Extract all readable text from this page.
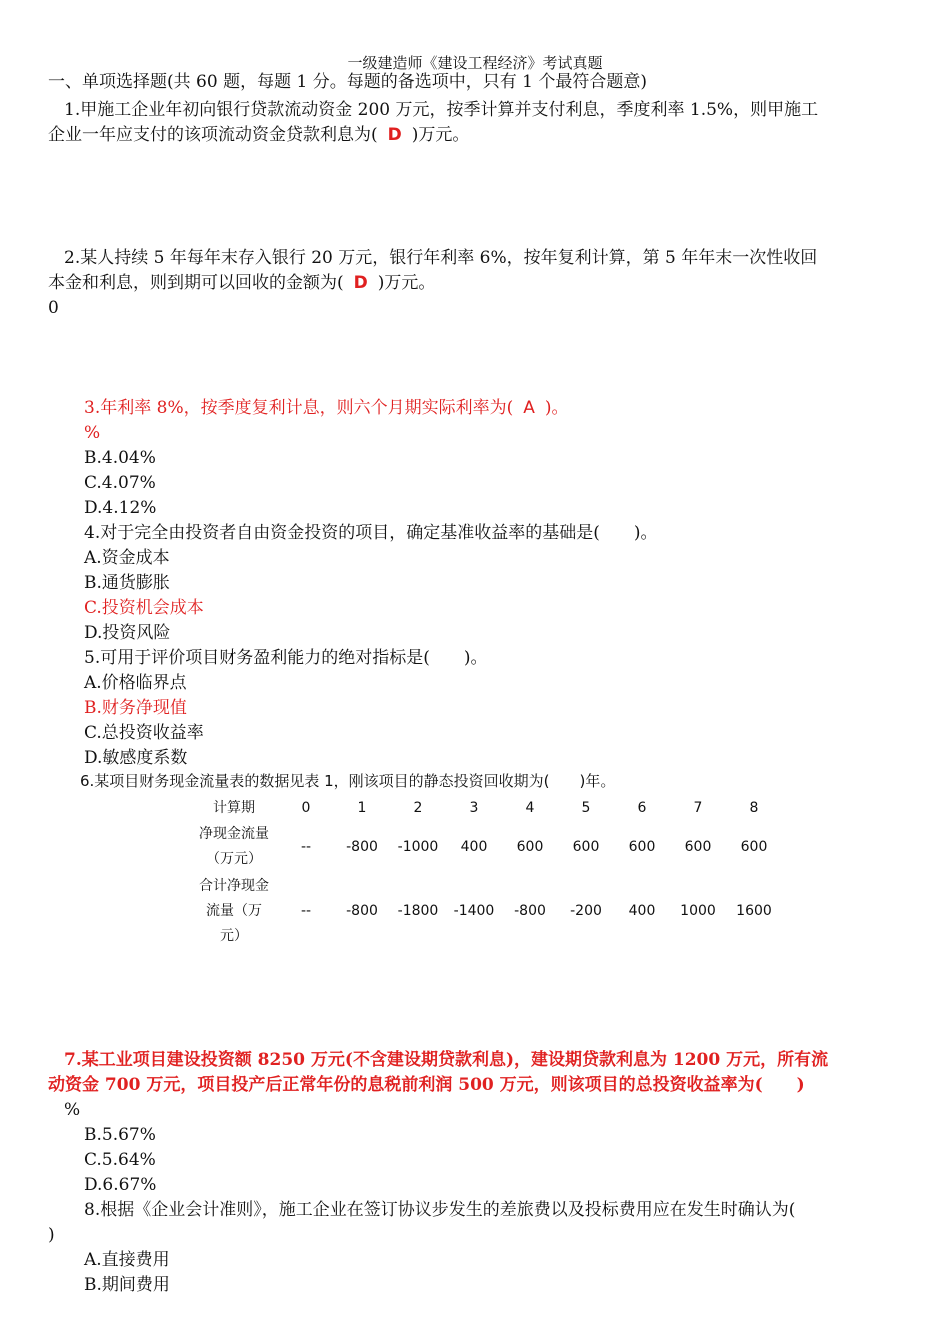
一级建造师《建设工程经济》考试真题
一、单项选择题(共 60 题，每题 1 分。每题的备选项中，只有 1 个最符合题意)
1.甲施工企业年初向银行贷款流动资金 200 万元，按季计算并支付利息，季度利率 1.5%，则甲施工
企业一年应支付的该项流动资金贷款利息为( D )万元。
2.某人持续 5 年每年末存入银行 20 万元，银行年利率 6%，按年复利计算，第 5 年年末一次性收回
本金和利息，则到期可以回收的金额为( D )万元。
0
3.年利率 8%，按季度复利计息，则六个月期实际利率为( A )。
%
B.4.04%
C.4.07%
D.4.12%
4.对于完全由投资者自由资金投资的项目，确定基准收益率的基础是(　　)。
A.资金成本
B.通货膨胀
C.投资机会成本
D.投资风险
5.可用于评价项目财务盈利能力的绝对指标是(　　)。
A.价格临界点
B.财务净现值
C.总投资收益率
D.敏感度系数
6.某项目财务现金流量表的数据见表 1，刚该项目的静态投资回收期为(　　)年。
计算期	0	1	2	3	4	5	6	7	8
净现金流量
（万元）	--	-800	-1000	400	600	600	600	600	600
合计净现金
流量（万
元）	--	-800	-1800	-1400	-800	-200	400	1000	1600
7.某工业项目建设投资额 8250 万元(不含建设期贷款利息)，建设期贷款利息为 1200 万元，所有流
动资金 700 万元，项目投产后正常年份的息税前利润 500 万元，则该项目的总投资收益率为(　　)
%
B.5.67%
C.5.64%
D.6.67%
8.根据《企业会计准则》，施工企业在签订协议步发生的差旅费以及投标费用应在发生时确认为(
)
A.直接费用
B.期间费用
